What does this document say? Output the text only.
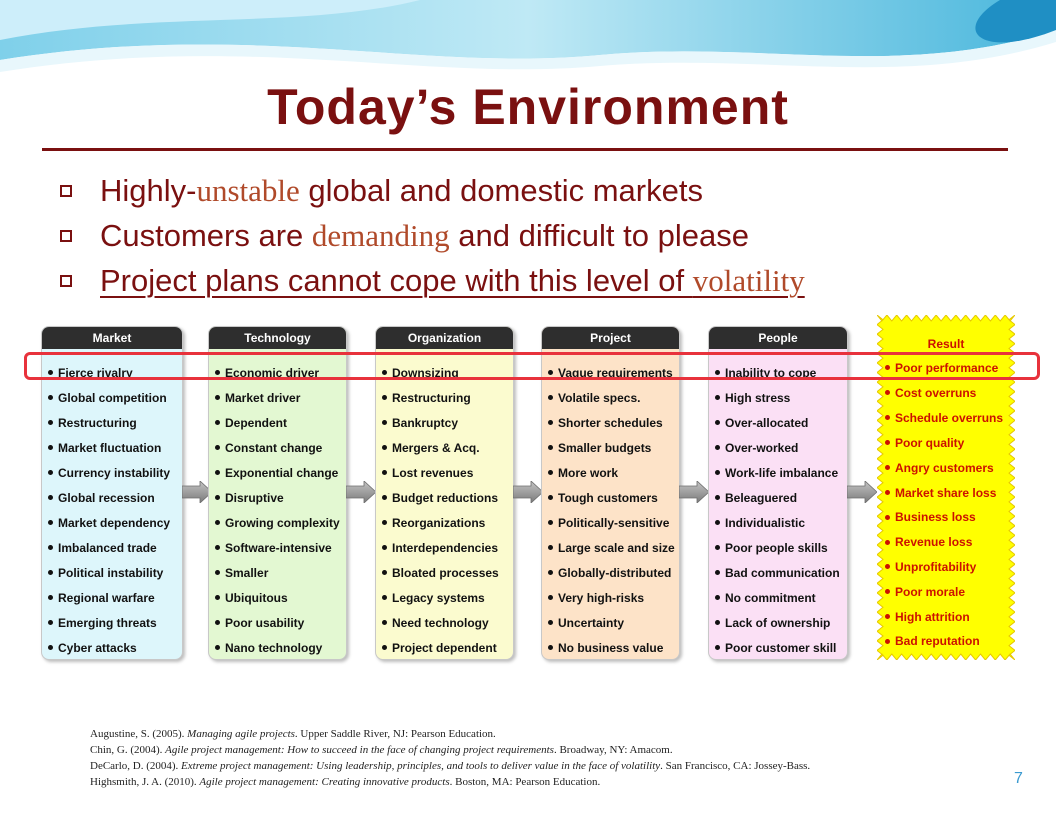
Today’s Environment
Highly-unstable global and domestic markets
Customers are demanding and difficult to please
Project plans cannot cope with this level of volatility
Market
Fierce rivalry
Global competition
Restructuring
Market fluctuation
Currency instability
Global recession
Market dependency
Imbalanced trade
Political instability
Regional warfare
Emerging threats
Cyber attacks
Technology
Economic driver
Market driver
Dependent
Constant change
Exponential change
Disruptive
Growing complexity
Software-intensive
Smaller
Ubiquitous
Poor usability
Nano technology
Organization
Downsizing
Restructuring
Bankruptcy
Mergers & Acq.
Lost revenues
Budget reductions
Reorganizations
Interdependencies
Bloated processes
Legacy systems
Need technology
Project dependent
Project
Vague requirements
Volatile specs.
Shorter schedules
Smaller budgets
More work
Tough customers
Politically-sensitive
Large scale and size
Globally-distributed
Very high-risks
Uncertainty
No business value
People
Inability to cope
High stress
Over-allocated
Over-worked
Work-life imbalance
Beleaguered
Individualistic
Poor people skills
Bad communication
No commitment
Lack of ownership
Poor customer skill
Result
Poor performance
Cost overruns
Schedule overruns
Poor quality
Angry customers
Market share loss
Business loss
Revenue loss
Unprofitability
Poor morale
High attrition
Bad reputation
Augustine, S. (2005). Managing agile projects. Upper Saddle River, NJ: Pearson Education.
Chin, G. (2004). Agile project management: How to succeed in the face of changing project requirements. Broadway, NY: Amacom.
DeCarlo, D. (2004). Extreme project management: Using leadership, principles, and tools to deliver value in the face of volatility. San Francisco, CA: Jossey-Bass.
Highsmith, J. A. (2010). Agile project management: Creating innovative products. Boston, MA: Pearson Education.	7
